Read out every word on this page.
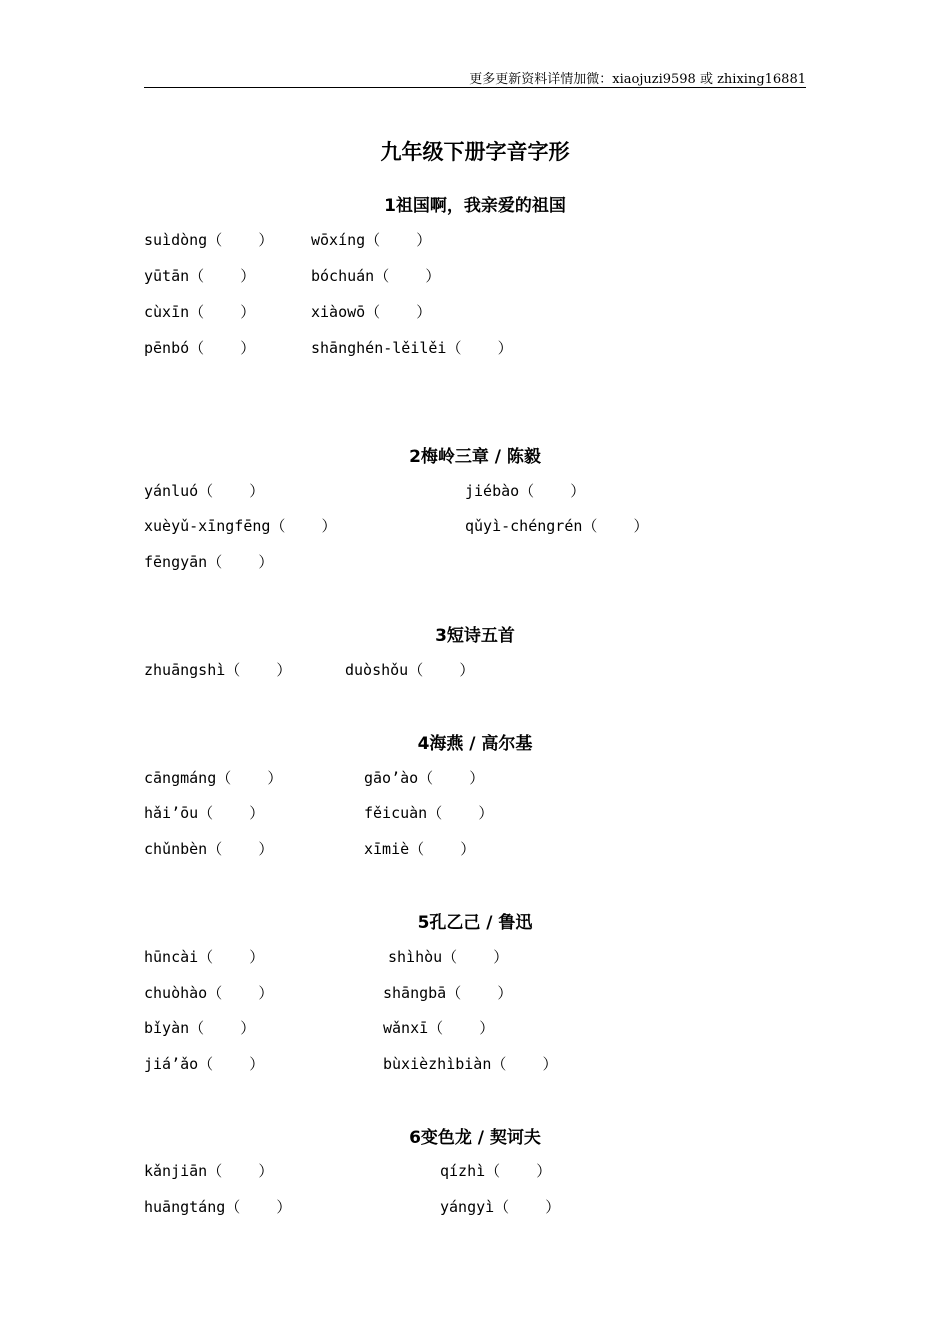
更多更新资料详情加微：xiaojuzi9598 或 zhixing16881
九年级下册字音字形
1祖国啊，我亲爱的祖国
suìdòng（    ）	wōxíng（    ）
yūtān（    ）	bóchuán（    ）
cùxīn（    ）	xiàowō（    ）
pēnbó（    ）	shānghén-lěilěi（    ）
2梅岭三章 / 陈毅
yánluó（    ）	jiébào（    ）
xuèyǔ-xīngfēng（    ）	qǔyì-chéngrén（    ）
fēngyān（    ）
3短诗五首
zhuāngshì（    ）	duòshǒu（    ）
4海燕 / 高尔基
cāngmáng（    ）	gāo’ào（    ）
hǎi’ōu（    ）	fěicuàn（    ）
chǔnbèn（    ）	xīmiè（    ）
5孔乙己 / 鲁迅
hūncài（    ）	shìhòu（    ）
chuòhào（    ）	shāngbā（    ）
bǐyàn（    ）	wǎnxī（    ）
jiá’ǎo（    ）	bùxièzhìbiàn（    ）
6变色龙 / 契诃夫
kǎnjiān（    ）	qízhì（    ）
huāngtáng（    ）	yángyì（    ）
